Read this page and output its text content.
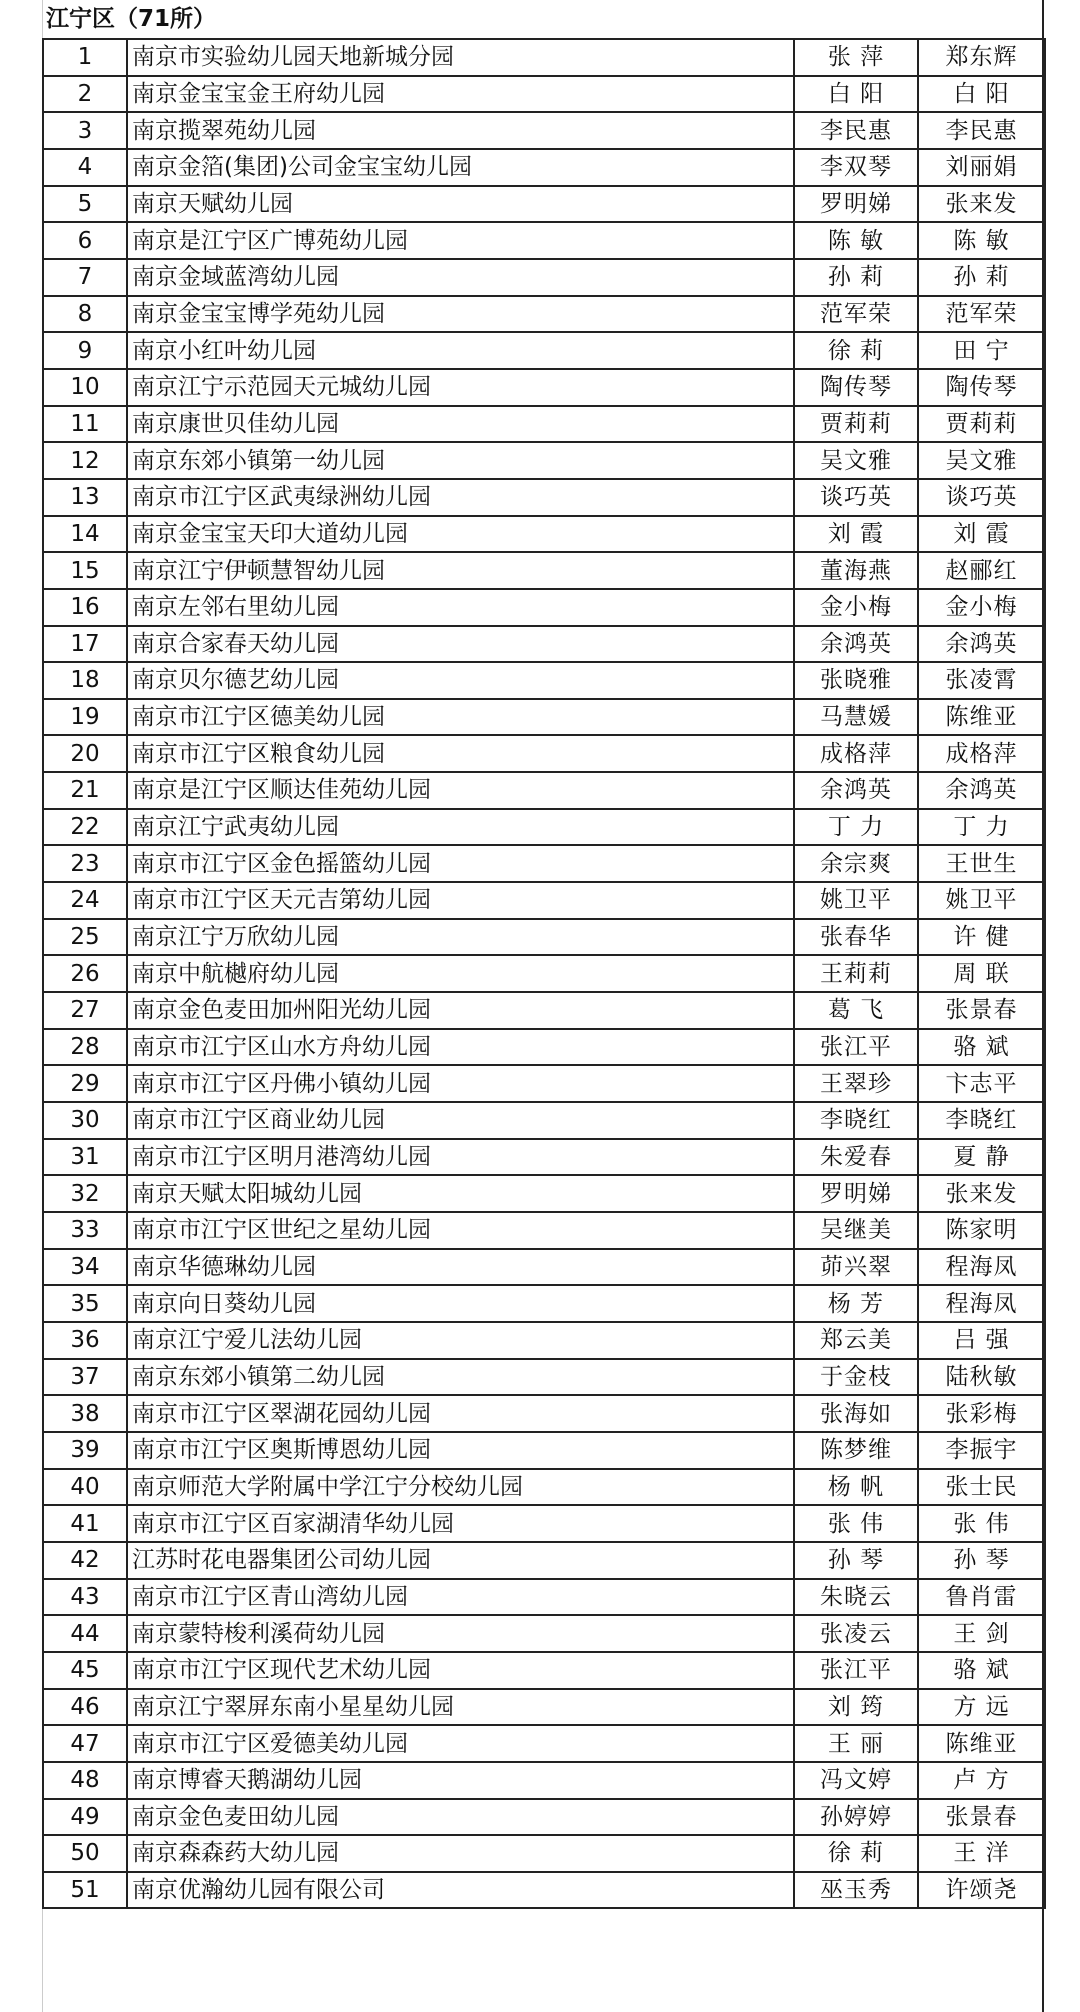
江宁区（71所）
1	南京市实验幼儿园天地新城分园	张 萍	郑东辉
2	南京金宝宝金王府幼儿园	白 阳	白 阳
3	南京揽翠苑幼儿园	李民惠	李民惠
4	南京金箔(集团)公司金宝宝幼儿园	李双琴	刘丽娟
5	南京天赋幼儿园	罗明娣	张来发
6	南京是江宁区广博苑幼儿园	陈 敏	陈 敏
7	南京金域蓝湾幼儿园	孙 莉	孙 莉
8	南京金宝宝博学苑幼儿园	范军荣	范军荣
9	南京小红叶幼儿园	徐 莉	田 宁
10	南京江宁示范园天元城幼儿园	陶传琴	陶传琴
11	南京康世贝佳幼儿园	贾莉莉	贾莉莉
12	南京东郊小镇第一幼儿园	吴文雅	吴文雅
13	南京市江宁区武夷绿洲幼儿园	谈巧英	谈巧英
14	南京金宝宝天印大道幼儿园	刘 霞	刘 霞
15	南京江宁伊顿慧智幼儿园	董海燕	赵郦红
16	南京左邻右里幼儿园	金小梅	金小梅
17	南京合家春天幼儿园	余鸿英	余鸿英
18	南京贝尔德艺幼儿园	张晓雅	张凌霄
19	南京市江宁区德美幼儿园	马慧媛	陈维亚
20	南京市江宁区粮食幼儿园	成格萍	成格萍
21	南京是江宁区顺达佳苑幼儿园	余鸿英	余鸿英
22	南京江宁武夷幼儿园	丁 力	丁 力
23	南京市江宁区金色摇篮幼儿园	余宗爽	王世生
24	南京市江宁区天元吉第幼儿园	姚卫平	姚卫平
25	南京江宁万欣幼儿园	张春华	许 健
26	南京中航樾府幼儿园	王莉莉	周 联
27	南京金色麦田加州阳光幼儿园	葛 飞	张景春
28	南京市江宁区山水方舟幼儿园	张江平	骆 斌
29	南京市江宁区丹佛小镇幼儿园	王翠珍	卞志平
30	南京市江宁区商业幼儿园	李晓红	李晓红
31	南京市江宁区明月港湾幼儿园	朱爱春	夏 静
32	南京天赋太阳城幼儿园	罗明娣	张来发
33	南京市江宁区世纪之星幼儿园	吴继美	陈家明
34	南京华德琳幼儿园	茆兴翠	程海凤
35	南京向日葵幼儿园	杨 芳	程海凤
36	南京江宁爱儿法幼儿园	郑云美	吕 强
37	南京东郊小镇第二幼儿园	于金枝	陆秋敏
38	南京市江宁区翠湖花园幼儿园	张海如	张彩梅
39	南京市江宁区奥斯博恩幼儿园	陈梦维	李振宇
40	南京师范大学附属中学江宁分校幼儿园	杨 帆	张士民
41	南京市江宁区百家湖清华幼儿园	张 伟	张 伟
42	江苏时花电器集团公司幼儿园	孙 琴	孙 琴
43	南京市江宁区青山湾幼儿园	朱晓云	鲁肖雷
44	南京蒙特梭利溪荷幼儿园	张凌云	王 剑
45	南京市江宁区现代艺术幼儿园	张江平	骆 斌
46	南京江宁翠屏东南小星星幼儿园	刘 筠	方 远
47	南京市江宁区爱德美幼儿园	王 丽	陈维亚
48	南京博睿天鹅湖幼儿园	冯文婷	卢 方
49	南京金色麦田幼儿园	孙婷婷	张景春
50	南京森森药大幼儿园	徐 莉	王 洋
51	南京优瀚幼儿园有限公司	巫玉秀	许颂尧
